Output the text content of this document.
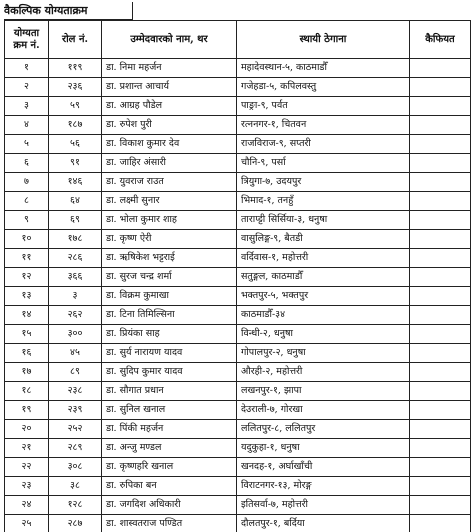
वैकल्पिक योग्यताक्रम
योग्यता क्रम नं.	रोल नं.	उम्मेदवारको नाम, थर	स्थायी ठेगाना	कैफियत
१	११९	डा. निमा महर्जन	महादेवस्थान-५, काठमाडौँ	
२	२३६	डा. प्रशान्त आचार्य	गजेहडा-५, कपिलवस्तु	
३	५९	डा. आग्रह पौडेल	पाङ्रा-९, पर्वत	
४	१८७	डा. रुपेश पुरी	रत्ननगर-१, चितवन	
५	५६	डा. विकाश कुमार देव	राजविराज-९, सप्तरी	
६	९१	डा. जाहिर अंसारी	चौनि-९, पर्सा	
७	१४६	डा. युवराज राउत	त्रियुगा-७, उदयपुर	
८	६४	डा. लक्ष्मी सुनार	भिमाद-१, तनहुँ	
९	६९	डा. भोला कुमार शाह	ताराप्ट्टी सिर्सिया-३, धनुषा	
१०	१७८	डा. कृष्ण ऐरी	वासुलिङ्ग-९, बैतडी	
११	२८६	डा. ऋषिकेश भट्टराई	वर्दिवास-१, महोत्तरी	
१२	३६६	डा. सुरज चन्द्र शर्मा	सतुङ्गल, काठमाडौँ	
१३	३	डा. विक्रम कुमाखा	भक्तपुर-५, भक्तपुर	
१४	२६२	डा. टिना तिमिल्सिना	काठमाडौँ-३४	
१५	३००	डा. प्रियंका साह	विन्धी-२, धनुषा	
१६	४५	डा. सुर्य नारायण यादव	गोपालपुर-२, धनुषा	
१७	८९	डा. सुदिप कुमार यादव	औरही-२, महोत्तरी	
१८	२३८	डा. सौगात प्रधान	लखनपुर-१, झापा	
१९	२३९	डा. सुनिल खनाल	देउराली-७, गोरखा	
२०	२५२	डा. पिंकी महर्जन	ललितपुर-८, ललितपुर	
२१	२८९	डा. अन्जु मण्डल	यदुकुहा-१, धनुषा	
२२	३०८	डा. कृष्णहरि खनाल	खनदह-१, अर्घाखाँची	
२३	३८	डा. रुपिका बन	विराटनगर-१३, मोरङ्ग	
२४	१२८	डा. जगदिश अधिकारी	इतिसर्वा-७, महोत्तरी	
२५	२८७	डा. शास्वतराज पण्डित	दौलतपुर-१, बर्दिया	
